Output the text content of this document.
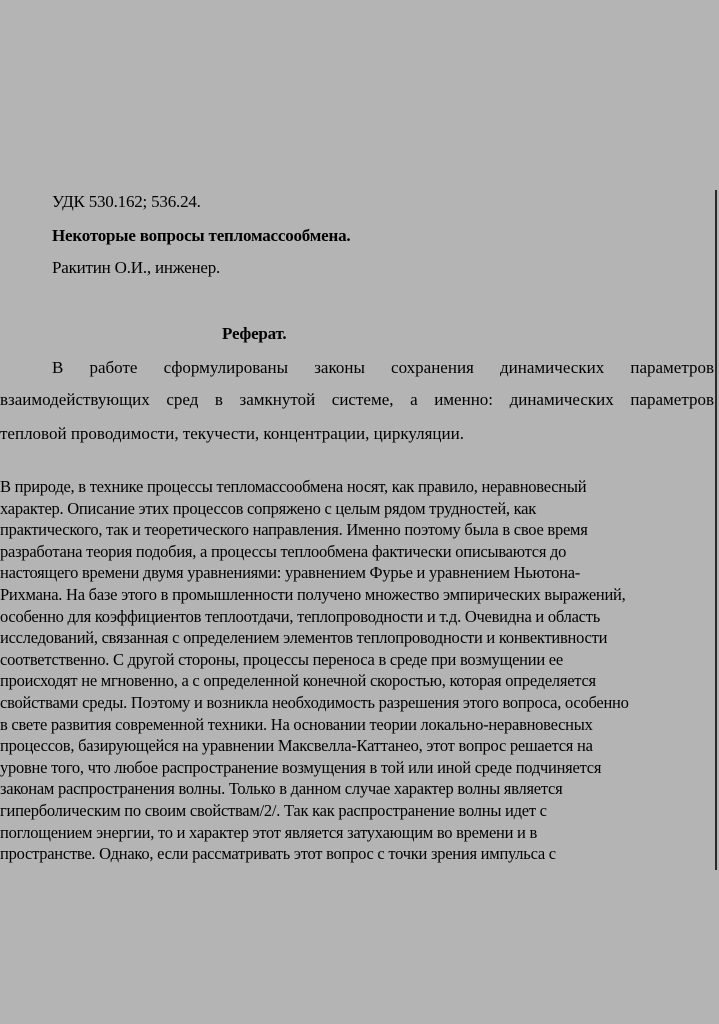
УДК 530.162; 536.24.
Некоторые вопросы тепломассообмена.
Ракитин О.И., инженер.
Реферат.
В работе сформулированы законы сохранения динамических параметров
взаимодействующих сред в замкнутой системе, а именно: динамических параметров
тепловой проводимости, текучести, концентрации, циркуляции.
В природе, в технике процессы тепломассообмена носят, как правило, неравновесный
характер. Описание этих процессов сопряжено с целым рядом трудностей, как
практического, так и теоретического направления. Именно поэтому была в свое время
разработана теория подобия, а процессы теплообмена фактически описываются до
настоящего времени двумя уравнениями: уравнением Фурье и уравнением Ньютона-
Рихмана. На базе этого в промышленности получено множество эмпирических выражений,
особенно для коэффициентов теплоотдачи, теплопроводности и т.д. Очевидна и область
исследований, связанная с определением элементов теплопроводности и конвективности
соответственно. С другой стороны, процессы переноса в среде при возмущении ее
происходят не мгновенно, а с определенной конечной скоростью, которая определяется
свойствами среды. Поэтому и возникла необходимость разрешения этого вопроса, особенно
в свете развития современной техники. На основании теории локально-неравновесных
процессов, базирующейся на уравнении Максвелла-Каттанео, этот вопрос решается на
уровне того, что любое распространение возмущения в той или иной среде подчиняется
законам распространения волны. Только в данном случае характер волны является
гиперболическим по своим свойствам/2/. Так как распространение волны идет с
поглощением энергии, то и характер этот является затухающим во времени и в
пространстве. Однако, если рассматривать этот вопрос с точки зрения импульса с
